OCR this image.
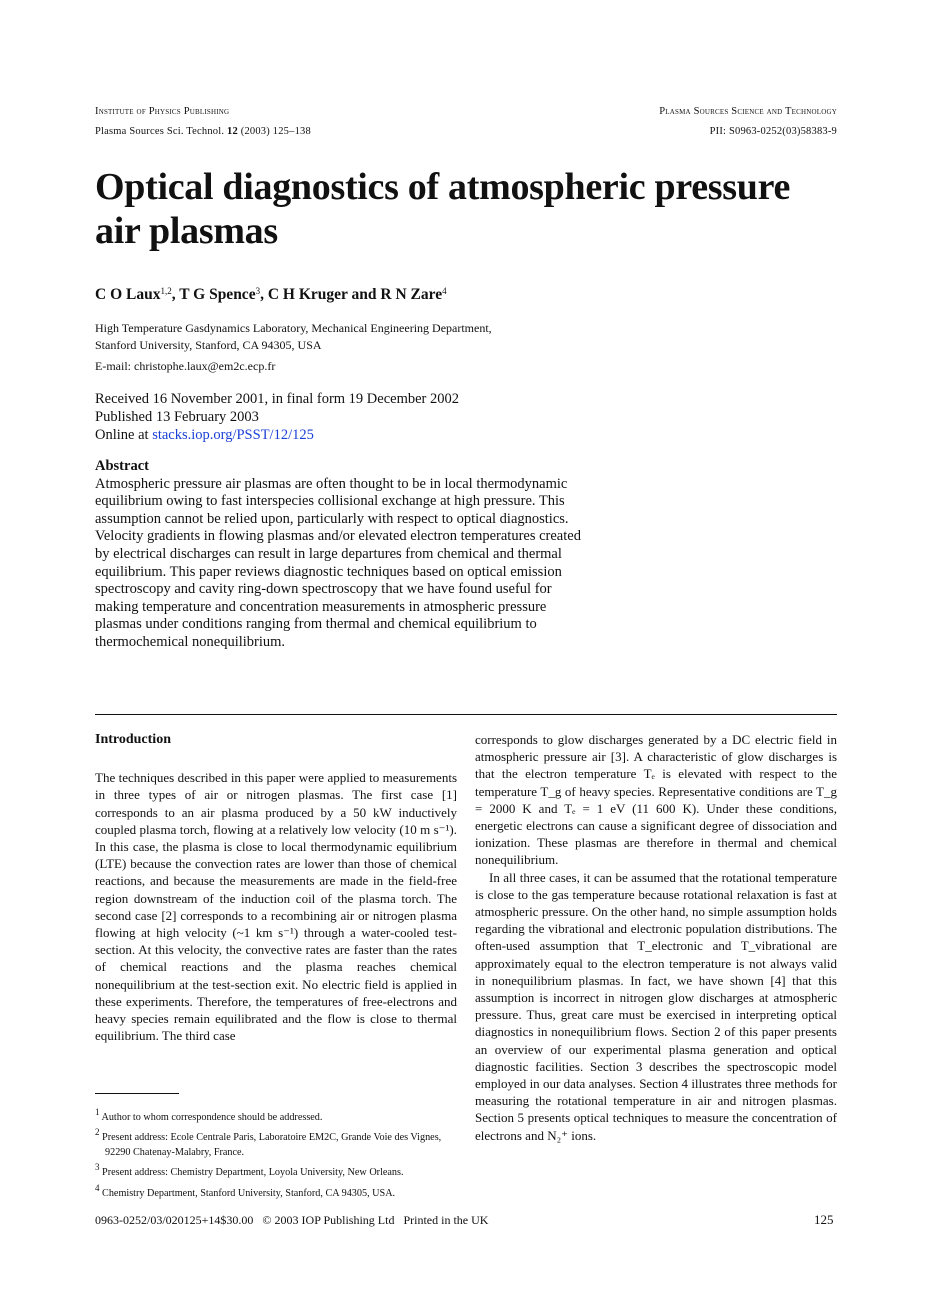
Institute of Physics Publishing	Plasma Sources Science and Technology
Plasma Sources Sci. Technol. 12 (2003) 125–138	PII: S0963-0252(03)58383-9
Optical diagnostics of atmospheric pressure air plasmas
C O Laux$^{1,2}$, T G Spence$^3$, C H Kruger and R N Zare$^4$
High Temperature Gasdynamics Laboratory, Mechanical Engineering Department,
Stanford University, Stanford, CA 94305, USA
E-mail: christophe.laux@em2c.ecp.fr
Received 16 November 2001, in final form 19 December 2002
Published 13 February 2003
Online at stacks.iop.org/PSST/12/125
Abstract
Atmospheric pressure air plasmas are often thought to be in local thermodynamic equilibrium owing to fast interspecies collisional exchange at high pressure. This assumption cannot be relied upon, particularly with respect to optical diagnostics. Velocity gradients in flowing plasmas and/or elevated electron temperatures created by electrical discharges can result in large departures from chemical and thermal equilibrium. This paper reviews diagnostic techniques based on optical emission spectroscopy and cavity ring-down spectroscopy that we have found useful for making temperature and concentration measurements in atmospheric pressure plasmas under conditions ranging from thermal and chemical equilibrium to thermochemical nonequilibrium.
Introduction

The techniques described in this paper were applied to measurements in three types of air or nitrogen plasmas. The first case [1] corresponds to an air plasma produced by a 50 kW inductively coupled plasma torch, flowing at a relatively low velocity (10 m s⁻¹). In this case, the plasma is close to local thermodynamic equilibrium (LTE) because the convection rates are lower than those of chemical reactions, and because the measurements are made in the field-free region downstream of the induction coil of the plasma torch. The second case [2] corresponds to a recombining air or nitrogen plasma flowing at high velocity (~1 km s⁻¹) through a water-cooled test-section. At this velocity, the convective rates are faster than the rates of chemical reactions and the plasma reaches chemical nonequilibrium at the test-section exit. No electric field is applied in these experiments. Therefore, the temperatures of free-electrons and heavy species remain equilibrated and the flow is close to thermal equilibrium. The third case

corresponds to glow discharges generated by a DC electric field in atmospheric pressure air [3]. A characteristic of glow discharges is that the electron temperature Tₑ is elevated with respect to the temperature T_g of heavy species. Representative conditions are T_g = 2000 K and Tₑ = 1 eV (11 600 K). Under these conditions, energetic electrons can cause a significant degree of dissociation and ionization. These plasmas are therefore in thermal and chemical nonequilibrium.

In all three cases, it can be assumed that the rotational temperature is close to the gas temperature because rotational relaxation is fast at atmospheric pressure. On the other hand, no simple assumption holds regarding the vibrational and electronic population distributions. The often-used assumption that T_electronic and T_vibrational are approximately equal to the electron temperature is not always valid in nonequilibrium plasmas. In fact, we have shown [4] that this assumption is incorrect in nitrogen glow discharges at atmospheric pressure. Thus, great care must be exercised in interpreting optical diagnostics in nonequilibrium flows. Section 2 of this paper presents an overview of our experimental plasma generation and optical diagnostic facilities. Section 3 describes the spectroscopic model employed in our data analyses. Section 4 illustrates three methods for measuring the rotational temperature in air and nitrogen plasmas. Section 5 presents optical techniques to measure the concentration of electrons and N₂⁺ ions.

$^1$ Author to whom correspondence should be addressed.
$^2$ Present address: Ecole Centrale Paris, Laboratoire EM2C, Grande Voie des Vignes, 92290 Chatenay-Malabry, France.
$^3$ Present address: Chemistry Department, Loyola University, New Orleans.
$^4$ Chemistry Department, Stanford University, Stanford, CA 94305, USA.
0963-0252/03/020125+14$30.00   © 2003 IOP Publishing Ltd   Printed in the UK	125
